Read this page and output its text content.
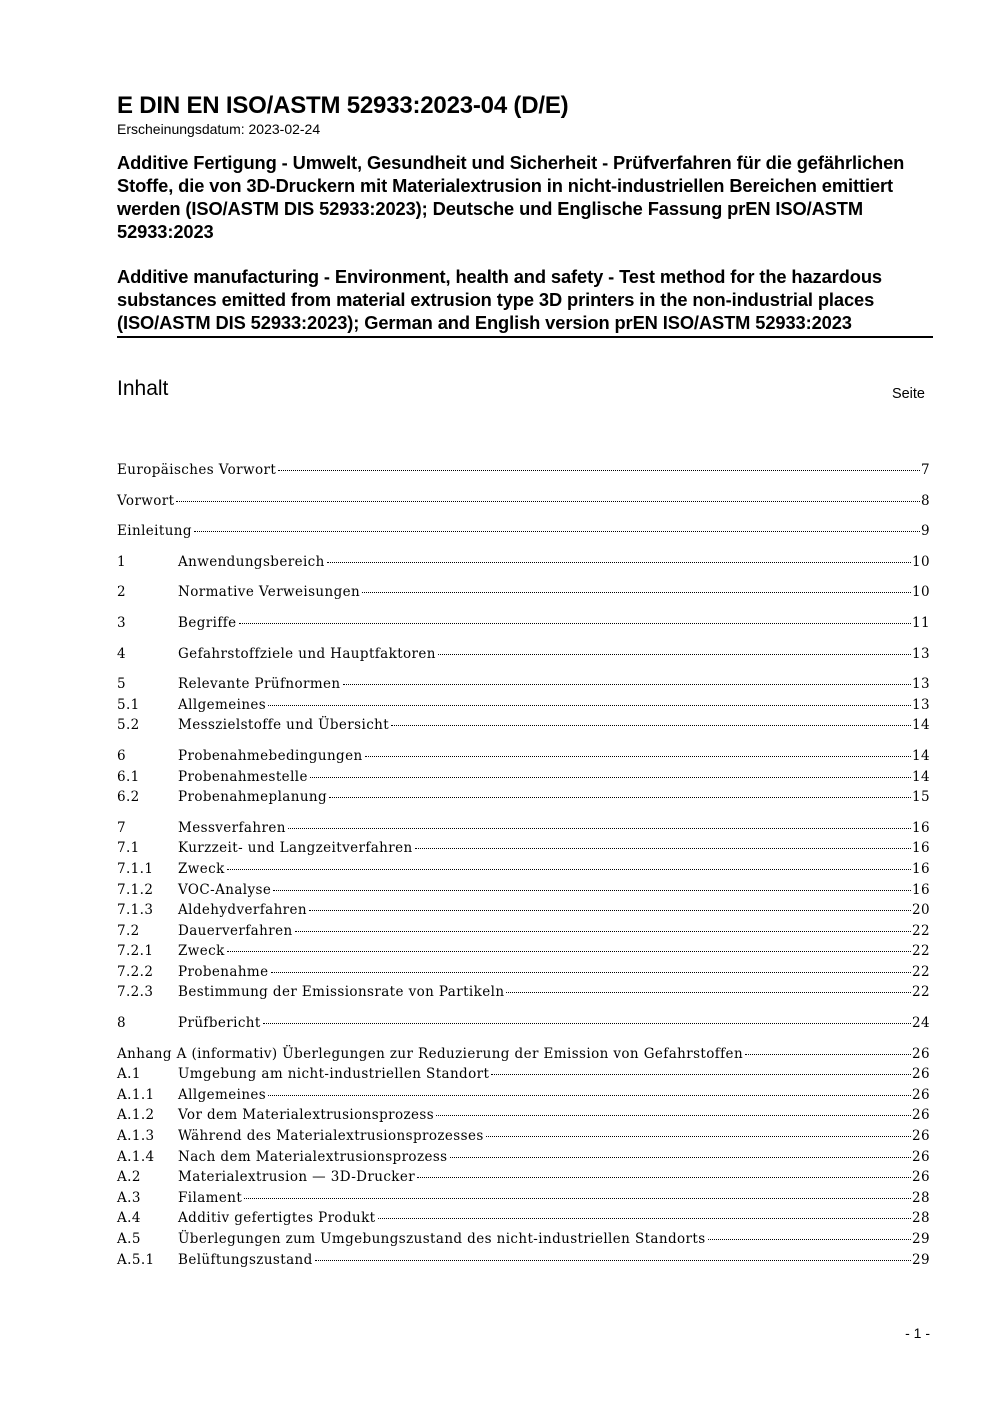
E DIN EN ISO/ASTM 52933:2023-04 (D/E)

Erscheinungsdatum: 2023-02-24

Additive Fertigung - Umwelt, Gesundheit und Sicherheit - Prüfverfahren für die gefährlichen Stoffe, die von 3D-Druckern mit Materialextrusion in nicht-industriellen Bereichen emittiert werden (ISO/ASTM DIS 52933:2023); Deutsche und Englische Fassung prEN ISO/ASTM 52933:2023

Additive manufacturing - Environment, health and safety - Test method for the hazardous substances emitted from material extrusion type 3D printers in the non-industrial places (ISO/ASTM DIS 52933:2023); German and English version prEN ISO/ASTM 52933:2023

Inhalt	Seite
Europäisches Vorwort	7
Vorwort	8
Einleitung	9
1	Anwendungsbereich	10
2	Normative Verweisungen	10
3	Begriffe	11
4	Gefahrstoffziele und Hauptfaktoren	13
5	Relevante Prüfnormen	13
5.1	Allgemeines	13
5.2	Messzielstoffe und Übersicht	14
6	Probenahmebedingungen	14
6.1	Probenahmestelle	14
6.2	Probenahmeplanung	15
7	Messverfahren	16
7.1	Kurzzeit- und Langzeitverfahren	16
7.1.1	Zweck	16
7.1.2	VOC-Analyse	16
7.1.3	Aldehydverfahren	20
7.2	Dauerverfahren	22
7.2.1	Zweck	22
7.2.2	Probenahme	22
7.2.3	Bestimmung der Emissionsrate von Partikeln	22
8	Prüfbericht	24
Anhang A (informativ) Überlegungen zur Reduzierung der Emission von Gefahrstoffen	26
A.1	Umgebung am nicht-industriellen Standort	26
A.1.1	Allgemeines	26
A.1.2	Vor dem Materialextrusionsprozess	26
A.1.3	Während des Materialextrusionsprozesses	26
A.1.4	Nach dem Materialextrusionsprozess	26
A.2	Materialextrusion — 3D-Drucker	26
A.3	Filament	28
A.4	Additiv gefertigtes Produkt	28
A.5	Überlegungen zum Umgebungszustand des nicht-industriellen Standorts	29
A.5.1	Belüftungszustand	29
- 1 -
